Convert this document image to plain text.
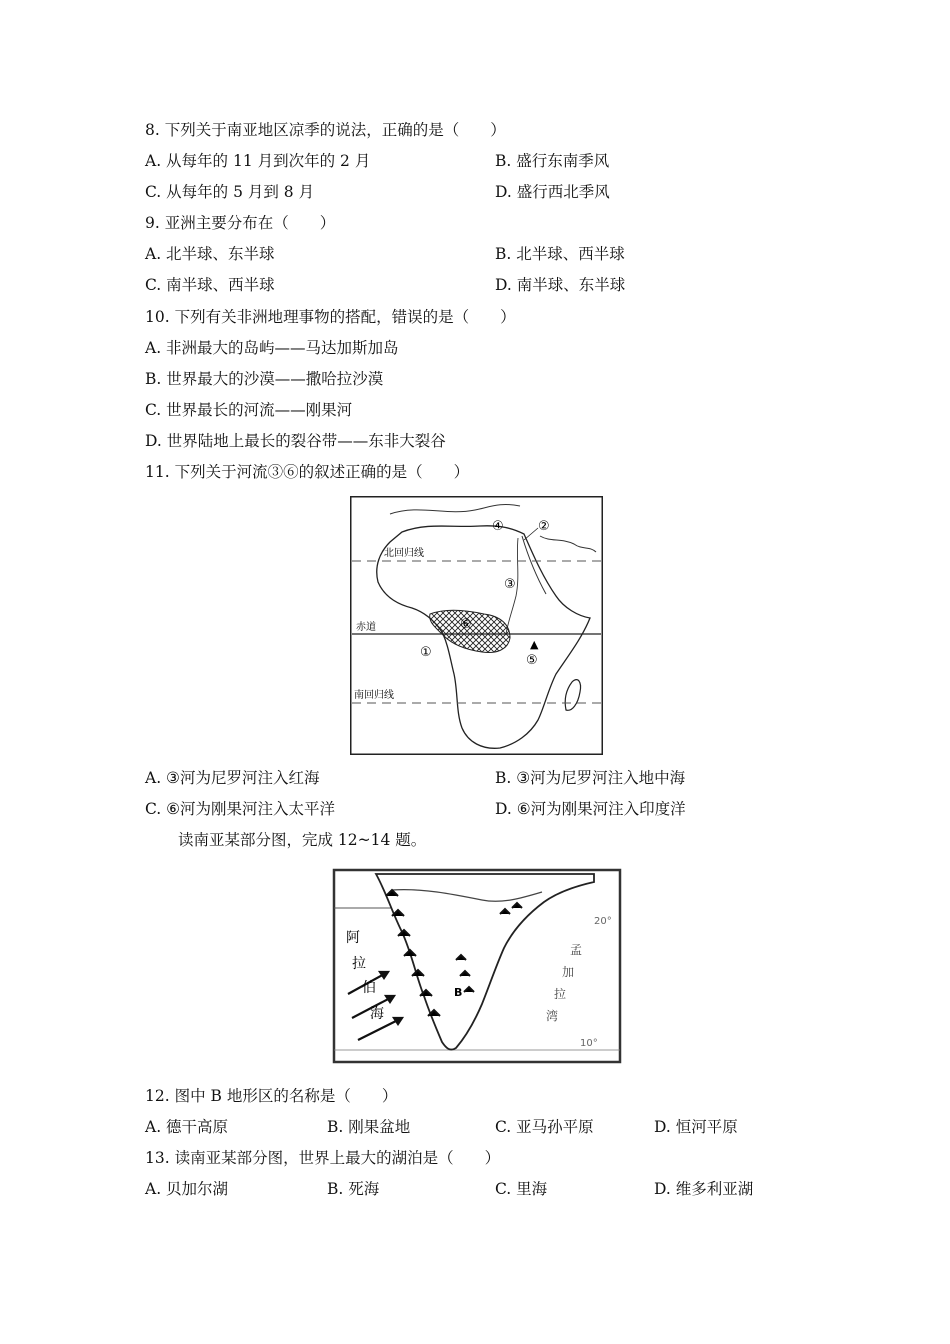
8. 下列关于南亚地区凉季的说法，正确的是（　　）
A. 从每年的 11 月到次年的 2 月	B. 盛行东南季风
C. 从每年的 5 月到 8 月	D. 盛行西北季风
9. 亚洲主要分布在（　　）
A. 北半球、东半球	B. 北半球、西半球
C. 南半球、西半球	D. 南半球、东半球
10. 下列有关非洲地理事物的搭配，错误的是（　　）
A. 非洲最大的岛屿——马达加斯加岛
B. 世界最大的沙漠——撒哈拉沙漠
C. 世界最长的河流——刚果河
D. 世界陆地上最长的裂谷带——东非大裂谷
11. 下列关于河流③⑥的叙述正确的是（　　）
北回归线
赤道
南回归线
④	②
③
⑥
①
▲
⑤
A. ③河为尼罗河注入红海	B. ③河为尼罗河注入地中海
C. ⑥河为刚果河注入太平洋	D. ⑥河为刚果河注入印度洋
读南亚某部分图，完成 12~14 题。
阿
拉
伯
海
孟
加
拉
湾
B
20°
10°
12. 图中 B 地形区的名称是（　　）
A. 德干高原	B. 刚果盆地	C. 亚马孙平原	D. 恒河平原
13. 读南亚某部分图，世界上最大的湖泊是（　　）
A. 贝加尔湖	B. 死海	C. 里海	D. 维多利亚湖
